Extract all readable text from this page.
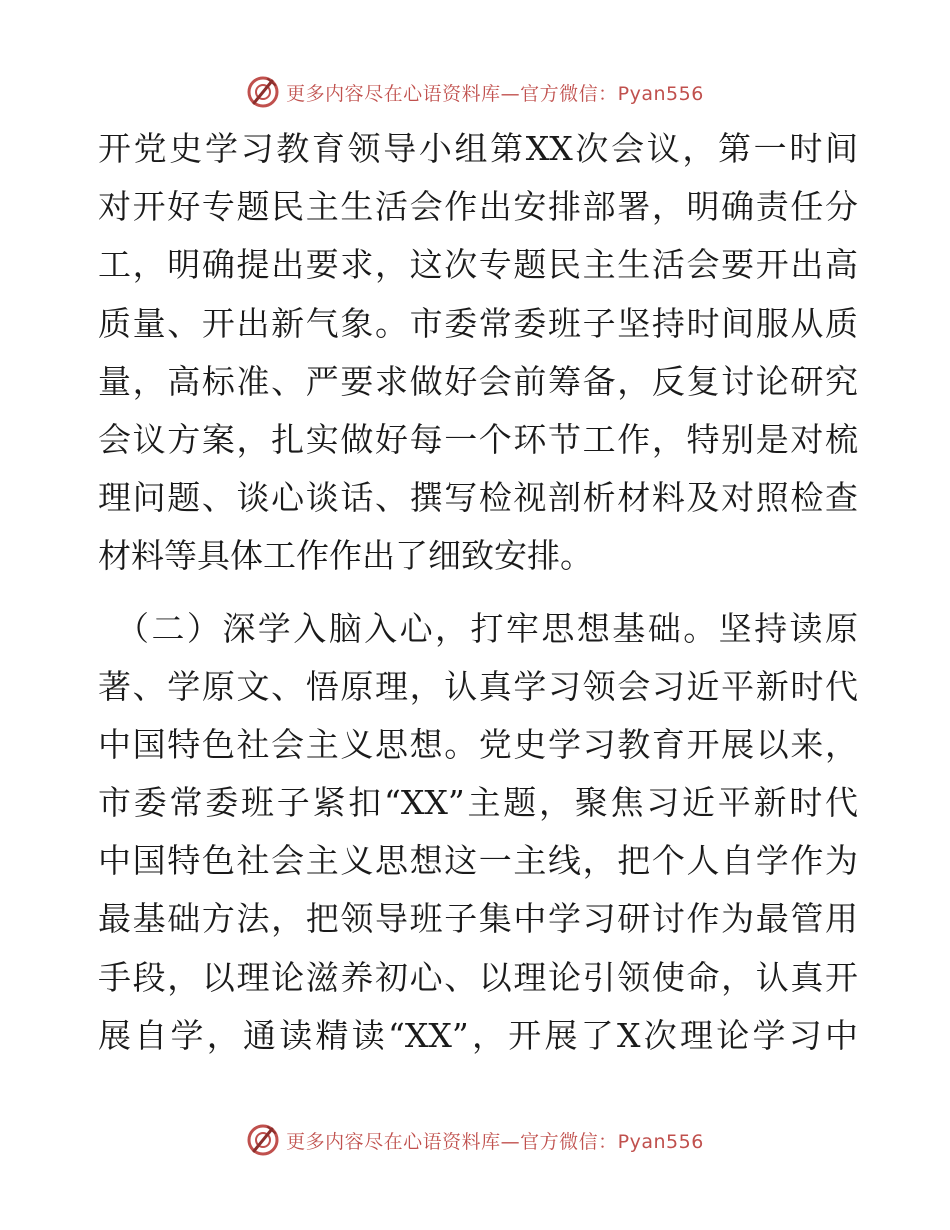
更多内容尽在心语资料库—官方微信：Pyan556
开党史学习教育领导小组第XX次会议，第一时间
对开好专题民主生活会作出安排部署，明确责任分
工，明确提出要求，这次专题民主生活会要开出高
质量、开出新气象。市委常委班子坚持时间服从质
量，高标准、严要求做好会前筹备，反复讨论研究
会议方案，扎实做好每一个环节工作，特别是对梳
理问题、谈心谈话、撰写检视剖析材料及对照检查
材料等具体工作作出了细致安排。
（二）深学入脑入心，打牢思想基础。坚持读原
著、学原文、悟原理，认真学习领会习近平新时代
中国特色社会主义思想。党史学习教育开展以来，
市委常委班子紧扣“XX”主题，聚焦习近平新时代
中国特色社会主义思想这一主线，把个人自学作为
最基础方法，把领导班子集中学习研讨作为最管用
手段，以理论滋养初心、以理论引领使命，认真开
展自学，通读精读“XX”，开展了X次理论学习中
更多内容尽在心语资料库—官方微信：Pyan556
